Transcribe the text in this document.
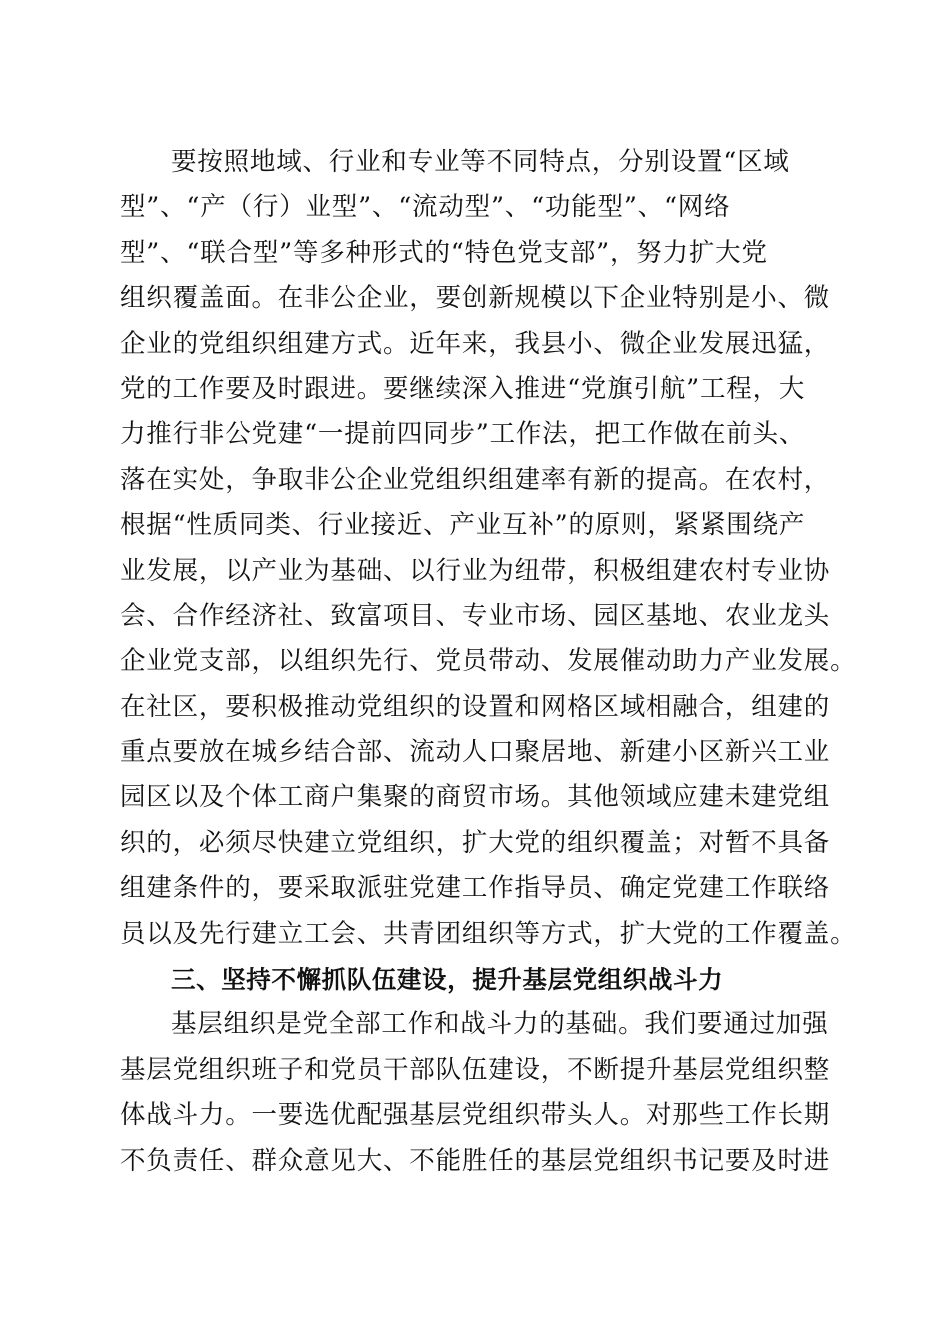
要按照地域、行业和专业等不同特点，分别设置“区域
型”、“产（行）业型”、“流动型”、“功能型”、“网络
型”、“联合型”等多种形式的“特色党支部”，努力扩大党
组织覆盖面。在非公企业，要创新规模以下企业特别是小、微
企业的党组织组建方式。近年来，我县小、微企业发展迅猛，
党的工作要及时跟进。要继续深入推进“党旗引航”工程，大
力推行非公党建“一提前四同步”工作法，把工作做在前头、
落在实处，争取非公企业党组织组建率有新的提高。在农村，
根据“性质同类、行业接近、产业互补”的原则，紧紧围绕产
业发展，以产业为基础、以行业为纽带，积极组建农村专业协
会、合作经济社、致富项目、专业市场、园区基地、农业龙头
企业党支部，以组织先行、党员带动、发展催动助力产业发展。
在社区，要积极推动党组织的设置和网格区域相融合，组建的
重点要放在城乡结合部、流动人口聚居地、新建小区新兴工业
园区以及个体工商户集聚的商贸市场。其他领域应建未建党组
织的，必须尽快建立党组织，扩大党的组织覆盖；对暂不具备
组建条件的，要采取派驻党建工作指导员、确定党建工作联络
员以及先行建立工会、共青团组织等方式，扩大党的工作覆盖。
三、坚持不懈抓队伍建设，提升基层党组织战斗力
基层组织是党全部工作和战斗力的基础。我们要通过加强
基层党组织班子和党员干部队伍建设，不断提升基层党组织整
体战斗力。一要选优配强基层党组织带头人。对那些工作长期
不负责任、群众意见大、不能胜任的基层党组织书记要及时进
